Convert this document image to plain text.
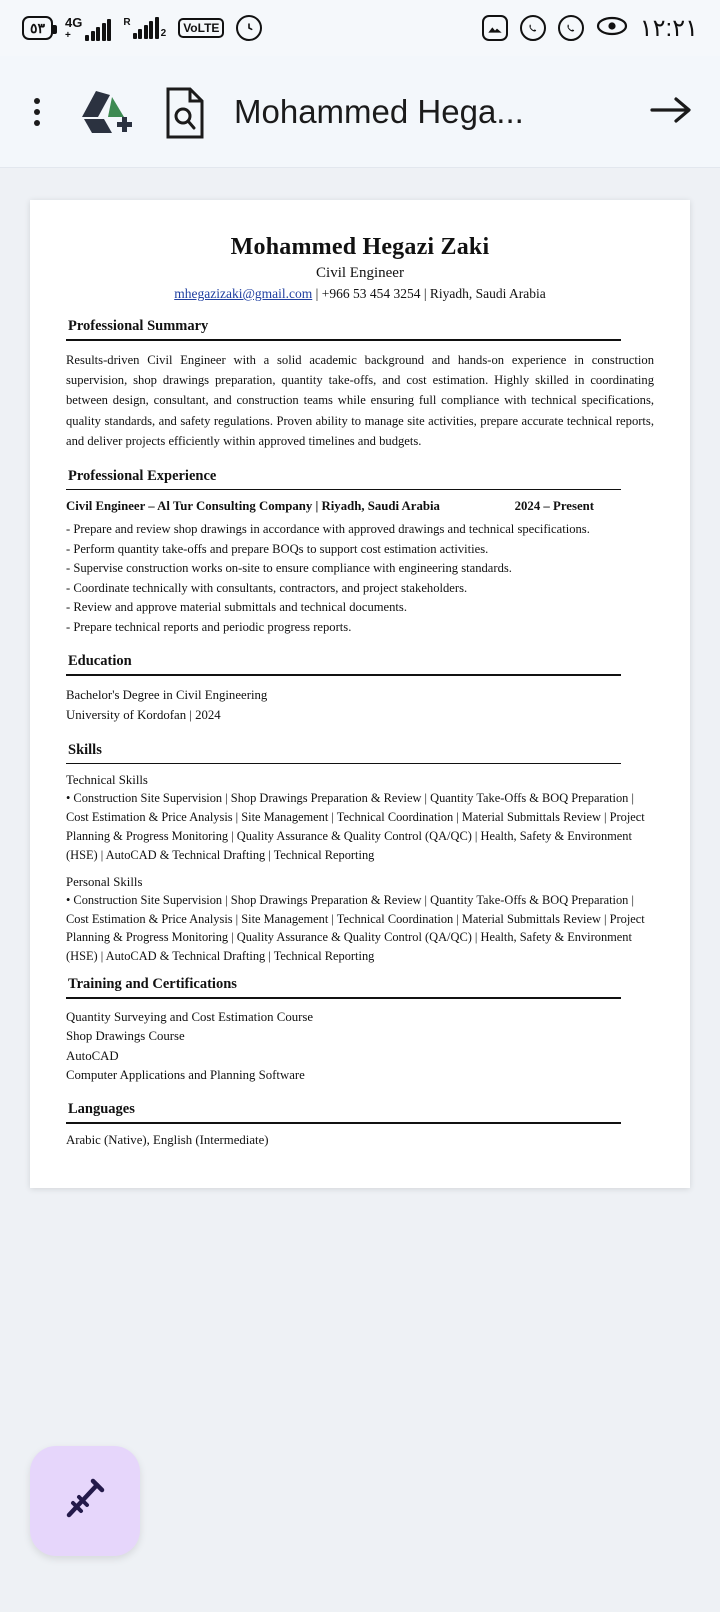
٥٣ 4G
+
R
2	VoLTE	١٢:٢١
Mohammed Hega...
Mohammed Hegazi Zaki
Civil Engineer
mhegazizaki@gmail.com | +966 53 454 3254 | Riyadh, Saudi Arabia
Professional Summary
Results-driven Civil Engineer with a solid academic background and hands-on experience in construction supervision, shop drawings preparation, quantity take-offs, and cost estimation. Highly skilled in coordinating between design, consultant, and construction teams while ensuring full compliance with technical specifications, quality standards, and safety regulations. Proven ability to manage site activities, prepare accurate technical reports, and deliver projects efficiently within approved timelines and budgets.
Professional Experience
Civil Engineer – Al Tur Consulting Company | Riyadh, Saudi Arabia	2024 – Present
- Prepare and review shop drawings in accordance with approved drawings and technical specifications.
- Perform quantity take-offs and prepare BOQs to support cost estimation activities.
- Supervise construction works on-site to ensure compliance with engineering standards.
- Coordinate technically with consultants, contractors, and project stakeholders.
- Review and approve material submittals and technical documents.
- Prepare technical reports and periodic progress reports.
Education
Bachelor's Degree in Civil Engineering
University of Kordofan | 2024
Skills
Technical Skills
• Construction Site Supervision | Shop Drawings Preparation & Review | Quantity Take-Offs & BOQ Preparation | Cost Estimation & Price Analysis | Site Management | Technical Coordination | Material Submittals Review | Project Planning & Progress Monitoring | Quality Assurance & Quality Control (QA/QC) | Health, Safety & Environment (HSE) | AutoCAD & Technical Drafting | Technical Reporting
Personal Skills
• Construction Site Supervision | Shop Drawings Preparation & Review | Quantity Take-Offs & BOQ Preparation | Cost Estimation & Price Analysis | Site Management | Technical Coordination | Material Submittals Review | Project Planning & Progress Monitoring | Quality Assurance & Quality Control (QA/QC) | Health, Safety & Environment (HSE) | AutoCAD & Technical Drafting | Technical Reporting
Training and Certifications
Quantity Surveying and Cost Estimation Course
Shop Drawings Course
AutoCAD
Computer Applications and Planning Software
Languages
Arabic (Native), English (Intermediate)
